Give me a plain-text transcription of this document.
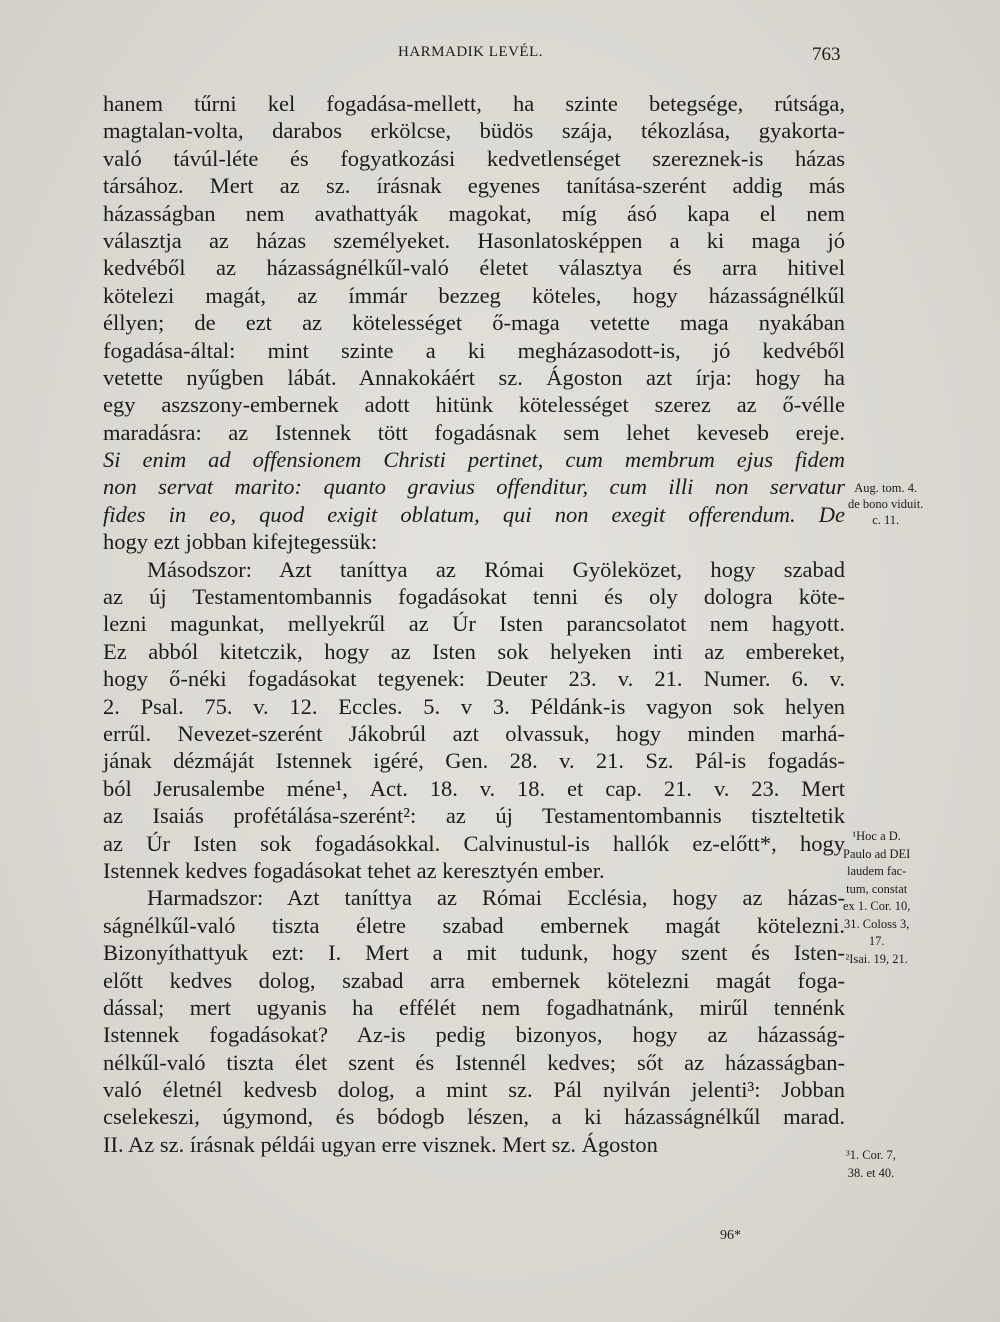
HARMADIK LEVÉL.	763
hanem tűrni kel fogadása-mellett, ha szinte betegsége, rútsága,
magtalan-volta, darabos erkölcse, büdös szája, tékozlása, gyakorta-
való távúl-léte és fogyatkozási kedvetlenséget szereznek-is házas
társához. Mert az sz. írásnak egyenes tanítása-szerént addig más
házasságban nem avathattyák magokat, míg ásó kapa el nem
választja az házas személyeket. Hasonlatosképpen a ki maga jó
kedvéből az házasságnélkűl-való életet választya és arra hitivel
kötelezi magát, az ímmár bezzeg köteles, hogy házasságnélkűl
éllyen; de ezt az kötelességet ő-maga vetette maga nyakában
fogadása-által: mint szinte a ki megházasodott-is, jó kedvéből
vetette nyűgben lábát. Annakokáért sz. Ágoston azt írja: hogy ha
egy aszszony-embernek adott hitünk kötelességet szerez az ő-vélle
maradásra: az Istennek tött fogadásnak sem lehet keveseb ereje.
Si enim ad offensionem Christi pertinet, cum membrum ejus fidem
non servat marito: quanto gravius offenditur, cum illi non servatur
fides in eo, quod exigit oblatum, qui non exegit offerendum. De
hogy ezt jobban kifejtegessük:
Másodszor: Azt taníttya az Római Gyöleközet, hogy szabad
az új Testamentombannis fogadásokat tenni és oly dologra köte-
lezni magunkat, mellyekrűl az Úr Isten parancsolatot nem hagyott.
Ez abból kitetczik, hogy az Isten sok helyeken inti az embereket,
hogy ő-néki fogadásokat tegyenek: Deuter 23. v. 21. Numer. 6. v.
2. Psal. 75. v. 12. Eccles. 5. v 3. Példánk-is vagyon sok helyen
errűl. Nevezet-szerént Jákobrúl azt olvassuk, hogy minden marhá-
jának dézmáját Istennek igéré, Gen. 28. v. 21. Sz. Pál-is fogadás-
ból Jerusalembe ménе¹, Act. 18. v. 18. et cap. 21. v. 23. Mert
az Isaiás profétálása-szerént²: az új Testamentombannis tiszteltetik
az Úr Isten sok fogadásokkal. Calvinustul-is hallók ez-előtt*, hogy
Istennek kedves fogadásokat tehet az keresztyén ember.
Harmadszor: Azt taníttya az Római Ecclésia, hogy az házas-
ságnélkűl-való tiszta életre szabad embernek magát kötelezni.
Bizonyíthattyuk ezt: I. Mert a mit tudunk, hogy szent és Isten-
előtt kedves dolog, szabad arra embernek kötelezni magát foga-
dással; mert ugyanis ha effélét nem fogadhatnánk, mirűl tennénk
Istennek fogadásokat? Az-is pedig bizonyos, hogy az házasság-
nélkűl-való tiszta élet szent és Istennél kedves; sőt az házasságban-
való életnél kedvesb dolog, a mint sz. Pál nyilván jelenti³: Jobban
cselekeszi, úgymond, és bódogb lészen, a ki házasságnélkűl marad.
II. Az sz. írásnak példái ugyan erre visznek. Mert sz. Ágoston
Aug. tom. 4.
de bono viduit.
c. 11.
¹Hoc a D.
Paulo ad DEI
laudem fac-
tum, constat
ex 1. Cor. 10,
31. Coloss 3,
17.
²Isai. 19, 21.
³1. Cor. 7,
38. et 40.
96*
